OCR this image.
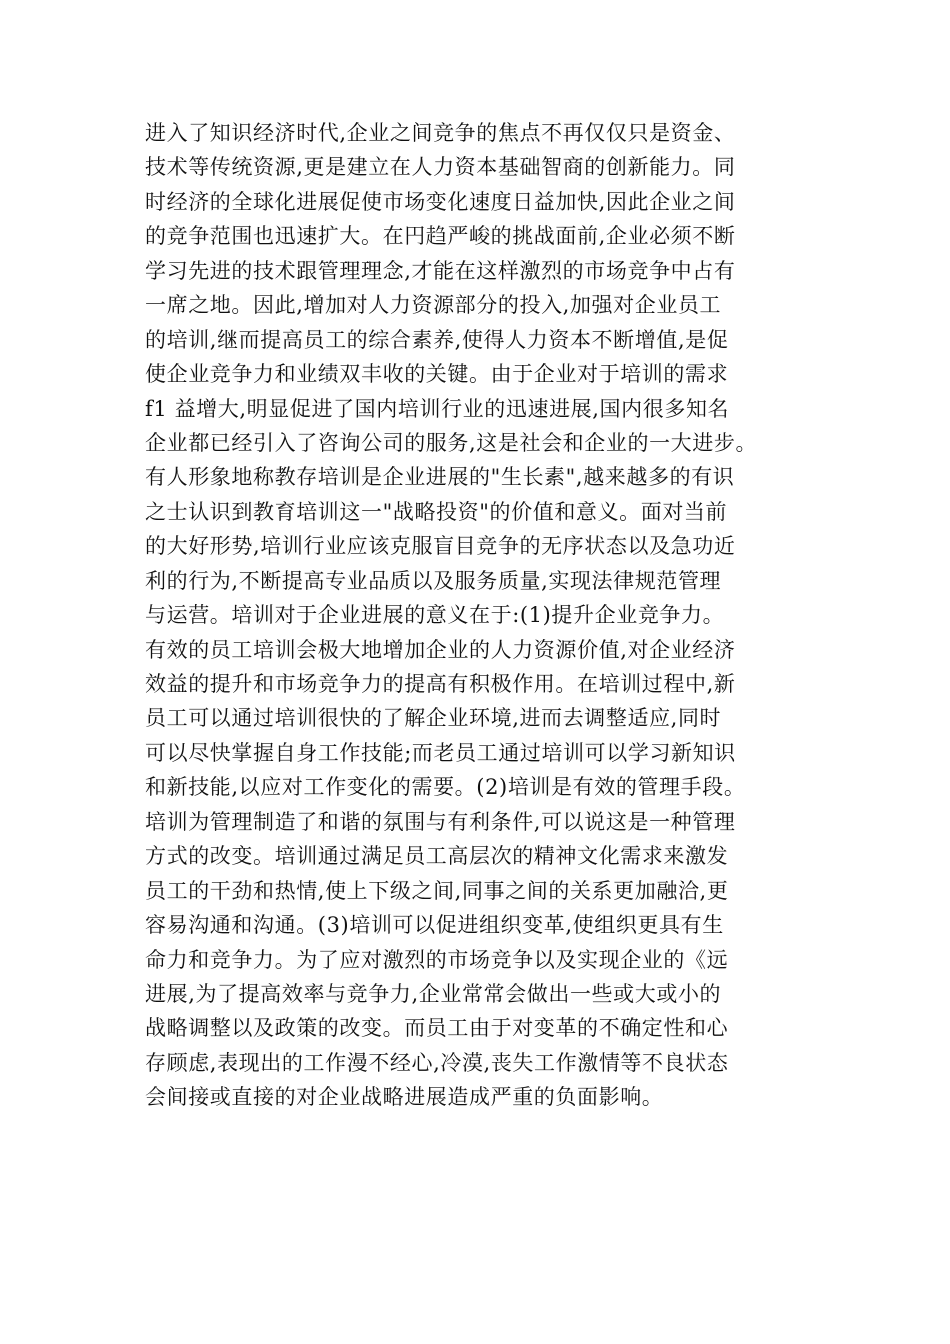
进入了知识经济时代,企业之间竞争的焦点不再仅仅只是资金、
技术等传统资源,更是建立在人力资本基础智商的创新能力。同
时经济的全球化进展促使市场变化速度日益加快,因此企业之间
的竞争范围也迅速扩大。在円趋严峻的挑战面前,企业必须不断
学习先进的技术跟管理理念,才能在这样激烈的市场竞争中占有
一席之地。因此,增加对人力资源部分的投入,加强对企业员工
的培训,继而提高员工的综合素养,使得人力资本不断增值,是促
使企业竞争力和业绩双丰收的关键。由于企业对于培训的需求
f1 益增大,明显促进了国内培训行业的迅速进展,国内很多知名
企业都已经引入了咨询公司的服务,这是社会和企业的一大进步。
有人形象地称教存培训是企业进展的"生长素",越来越多的有识
之士认识到教育培训这一"战略投资"的价值和意义。面对当前
的大好形势,培训行业应该克服盲目竞争的无序状态以及急功近
利的行为,不断提高专业品质以及服务质量,实现法律规范管理
与运营。培训对于企业进展的意义在于:(1)提升企业竞争力。
有效的员工培训会极大地增加企业的人力资源价值,对企业经济
效益的提升和市场竞争力的提高有积极作用。在培训过程中,新
员工可以通过培训很快的了解企业环境,进而去调整适应,同时
可以尽快掌握自身工作技能;而老员工通过培训可以学习新知识
和新技能,以应对工作变化的需要。(2)培训是有效的管理手段。
培训为管理制造了和谐的氛围与有利条件,可以说这是一种管理
方式的改变。培训通过满足员工高层次的精神文化需求来激发
员工的干劲和热情,使上下级之间,同事之间的关系更加融洽,更
容易沟通和沟通。(3)培训可以促进组织变革,使组织更具有生
命力和竞争力。为了应对激烈的市场竞争以及实现企业的《远
进展,为了提高效率与竞争力,企业常常会做出一些或大或小的
战略调整以及政策的改变。而员工由于对变革的不确定性和心
存顾虑,表现出的工作漫不经心,冷漠,丧失工作激情等不良状态
会间接或直接的对企业战略进展造成严重的负面影响。
